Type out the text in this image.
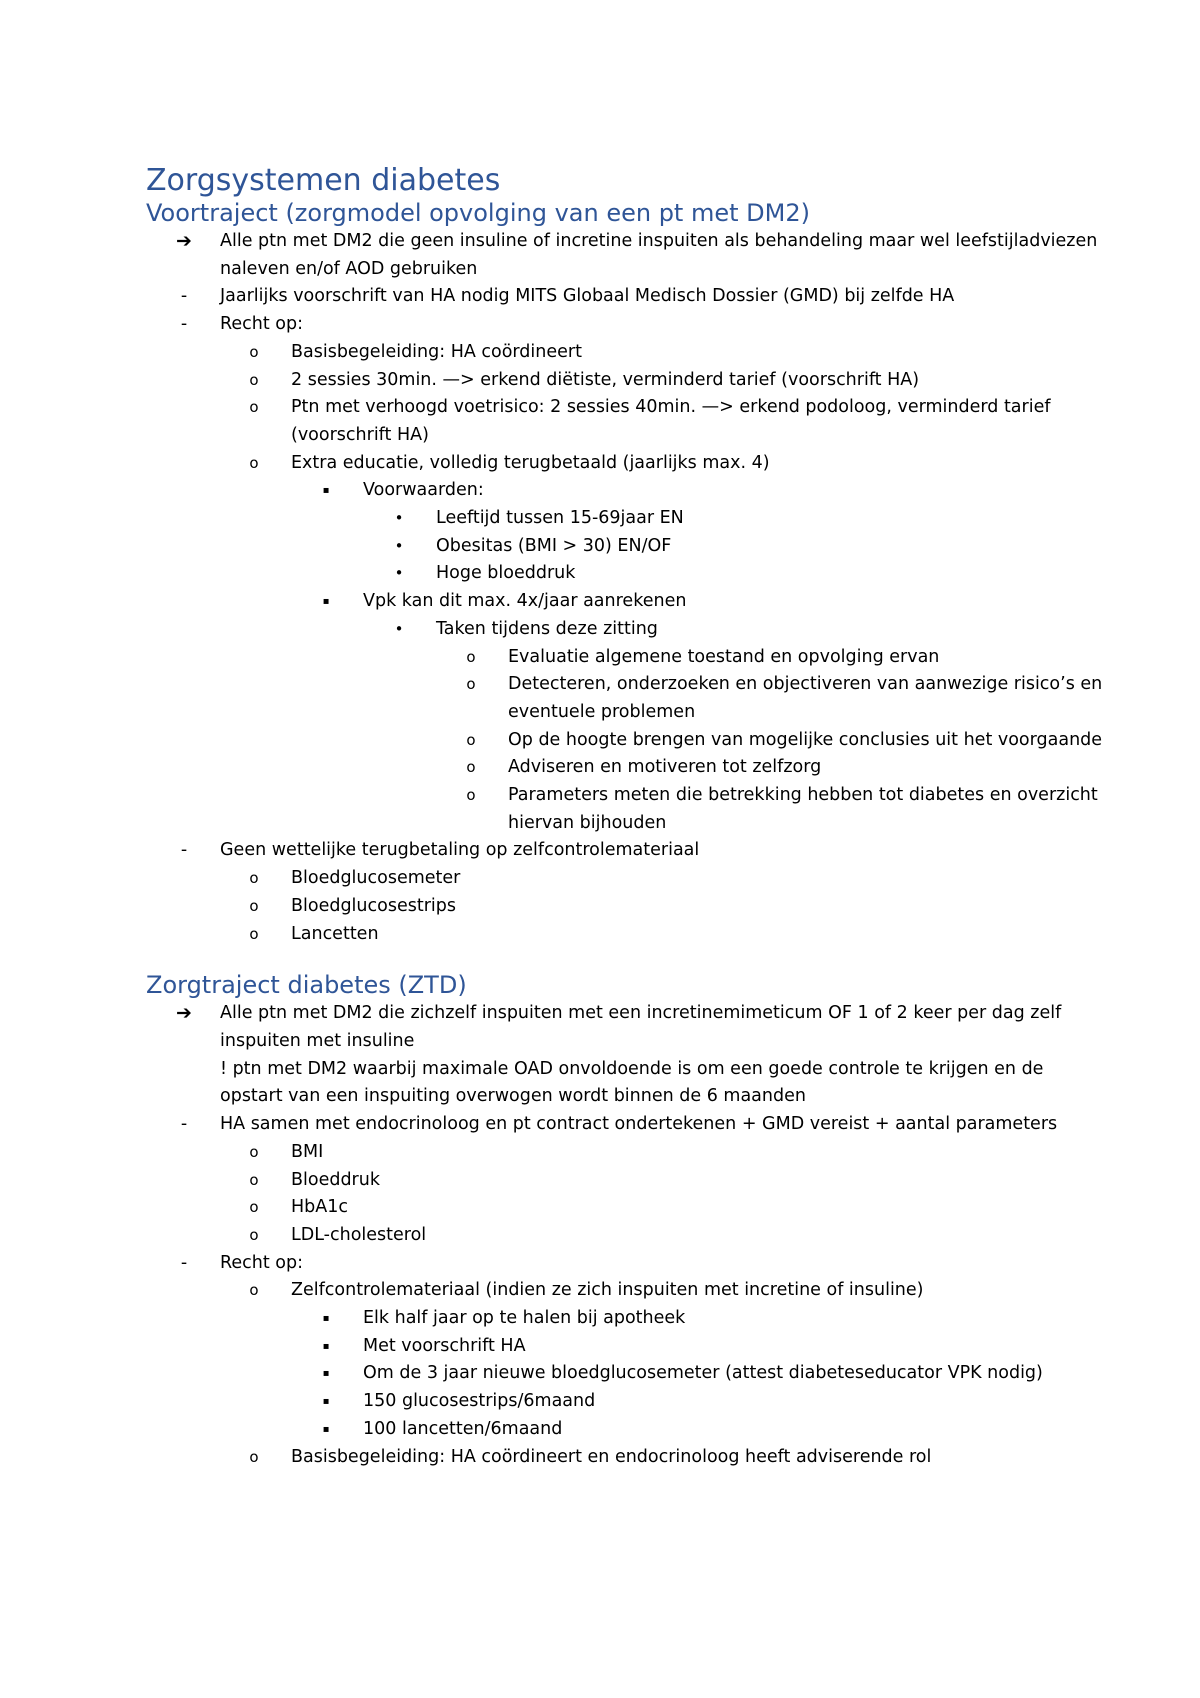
Zorgsystemen diabetes
Voortraject (zorgmodel opvolging van een pt met DM2)
➔	Alle ptn met DM2 die geen insuline of incretine inspuiten als behandeling maar wel leefstijladviezen naleven en/of AOD gebruiken
-	Jaarlijks voorschrift van HA nodig MITS Globaal Medisch Dossier (GMD) bij zelfde HA
-	Recht op:
o	Basisbegeleiding: HA coördineert
o	2 sessies 30min. —> erkend diëtiste, verminderd tarief (voorschrift HA)
o	Ptn met verhoogd voetrisico: 2 sessies 40min. —> erkend podoloog, verminderd tarief (voorschrift HA)
o	Extra educatie, volledig terugbetaald (jaarlijks max. 4)
▪	Voorwaarden:
•	Leeftijd tussen 15-69jaar EN
•	Obesitas (BMI > 30) EN/OF
•	Hoge bloeddruk
▪	Vpk kan dit max. 4x/jaar aanrekenen
•	Taken tijdens deze zitting
o	Evaluatie algemene toestand en opvolging ervan
o	Detecteren, onderzoeken en objectiveren van aanwezige risico’s en eventuele problemen
o	Op de hoogte brengen van mogelijke conclusies uit het voorgaande
o	Adviseren en motiveren tot zelfzorg
o	Parameters meten die betrekking hebben tot diabetes en overzicht hiervan bijhouden
-	Geen wettelijke terugbetaling op zelfcontrolemateriaal
o	Bloedglucosemeter
o	Bloedglucosestrips
o	Lancetten
Zorgtraject diabetes (ZTD)
➔	Alle ptn met DM2 die zichzelf inspuiten met een incretinemimeticum OF 1 of 2 keer per dag zelf inspuiten met insuline
! ptn met DM2 waarbij maximale OAD onvoldoende is om een goede controle te krijgen en de opstart van een inspuiting overwogen wordt binnen de 6 maanden
-	HA samen met endocrinoloog en pt contract ondertekenen + GMD vereist + aantal parameters
o	BMI
o	Bloeddruk
o	HbA1c
o	LDL-cholesterol
-	Recht op:
o	Zelfcontrolemateriaal (indien ze zich inspuiten met incretine of insuline)
▪	Elk half jaar op te halen bij apotheek
▪	Met voorschrift HA
▪	Om de 3 jaar nieuwe bloedglucosemeter (attest diabeteseducator VPK nodig)
▪	150 glucosestrips/6maand
▪	100 lancetten/6maand
o	Basisbegeleiding: HA coördineert en endocrinoloog heeft adviserende rol
